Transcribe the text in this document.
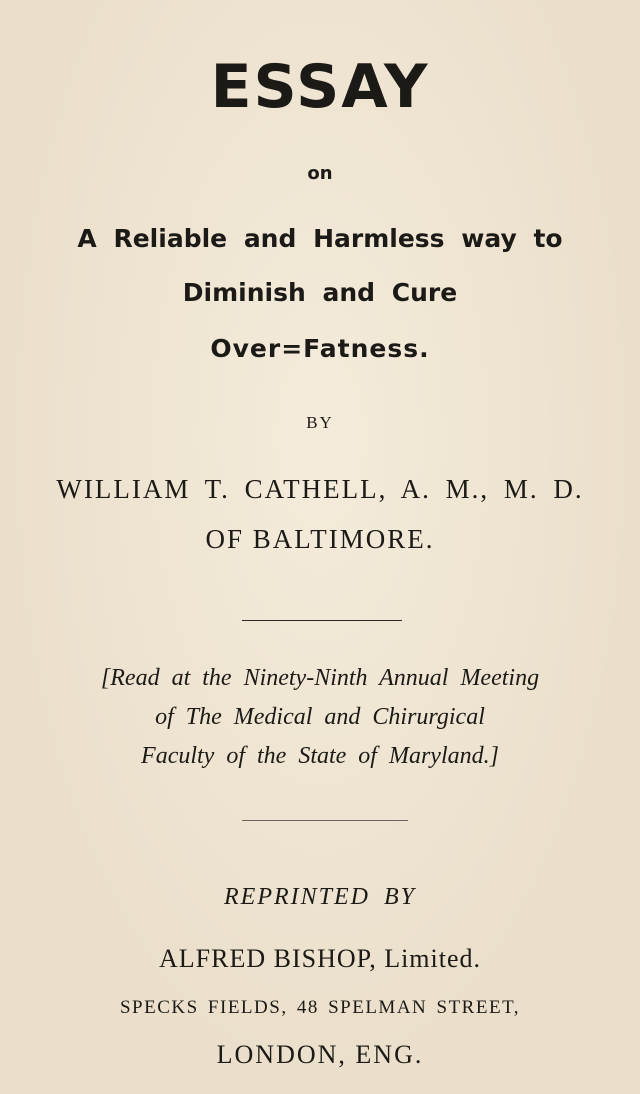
ESSAY
on
A Reliable and Harmless way to
Diminish and Cure
Over=Fatness.
BY
WILLIAM T. CATHELL, A. M., M. D.
OF BALTIMORE.
[Read at the Ninety-Ninth Annual Meeting
of The Medical and Chirurgical
Faculty of the State of Maryland.]
REPRINTED BY
ALFRED BISHOP, Limited.
SPECKS FIELDS, 48 SPELMAN STREET,
LONDON, ENG.
